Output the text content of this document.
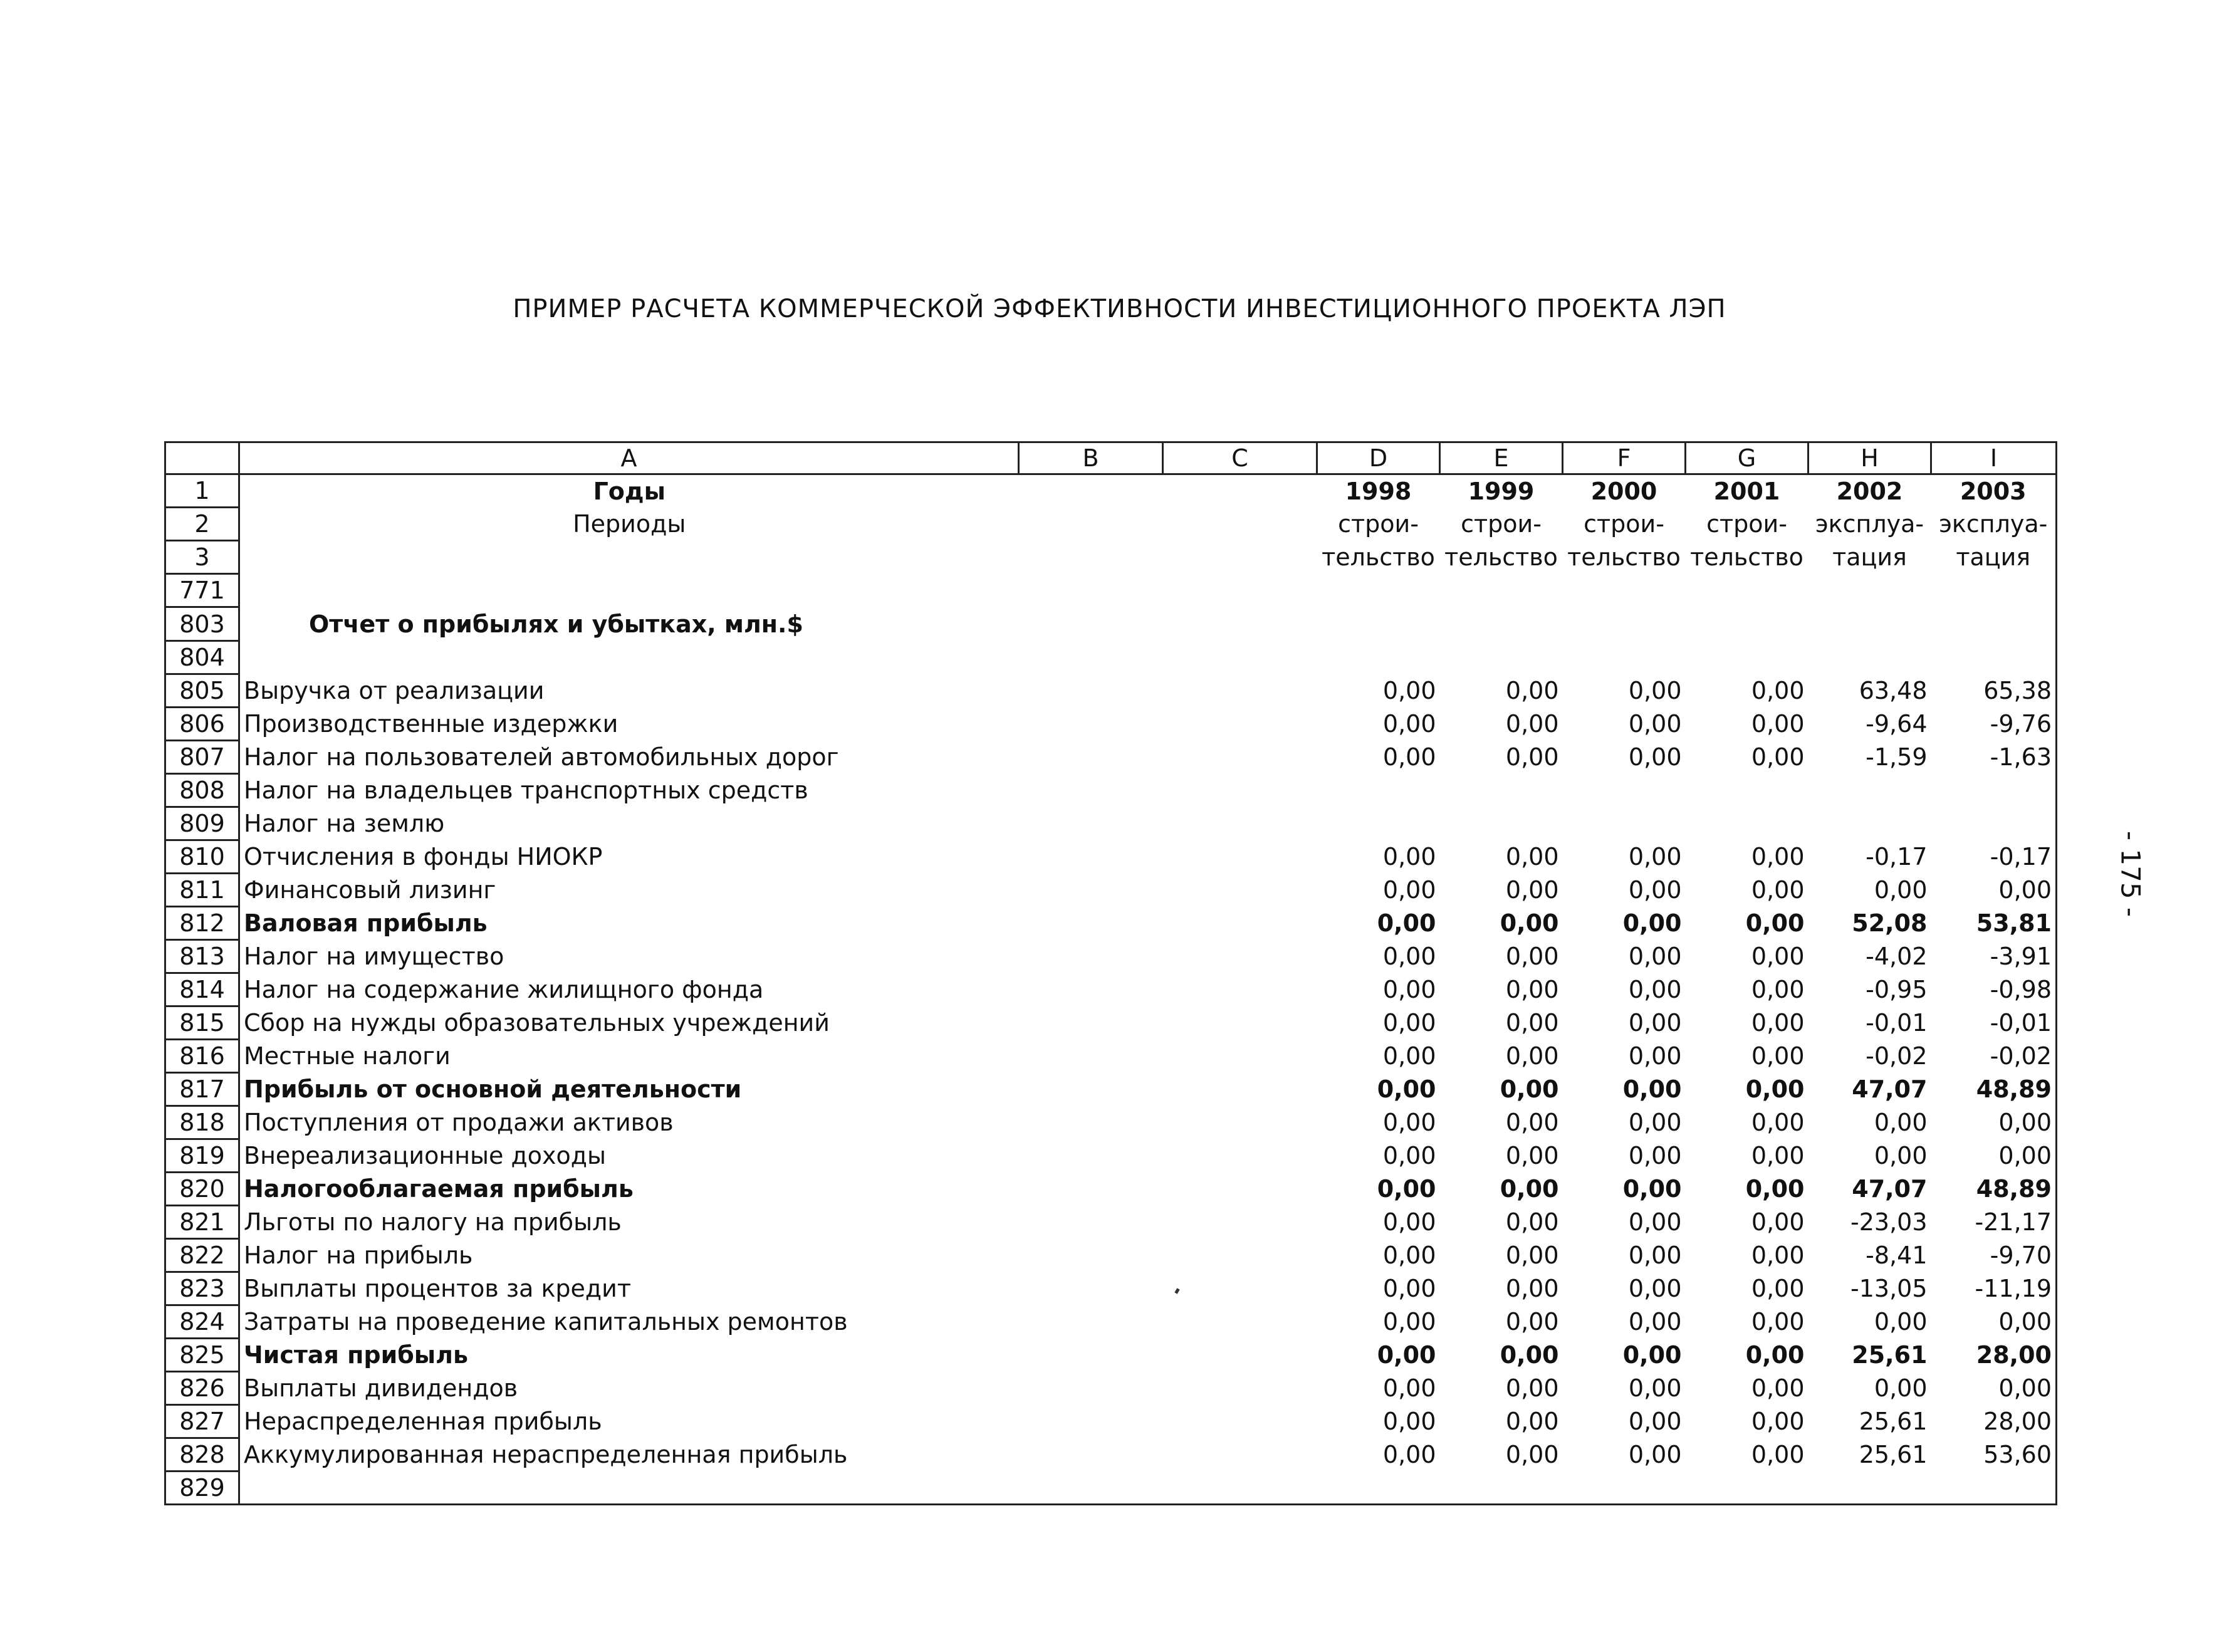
ПРИМЕР РАСЧЕТА КОММЕРЧЕСКОЙ ЭФФЕКТИВНОСТИ ИНВЕСТИЦИОННОГО ПРОЕКТА ЛЭП
- 175 -
	A	B	C	D	E	F	G	H	I
1	Годы			1998	1999	2000	2001	2002	2003
2	Периоды			строи-	строи-	строи-	строи-	эксплуа-	эксплуа-
3				тельство	тельство	тельство	тельство	тация	тация
771									
803	Отчет о прибылях и убытках, млн.$								
804									
805	Выручка от реализации			0,00	0,00	0,00	0,00	63,48	65,38
806	Производственные издержки			0,00	0,00	0,00	0,00	-9,64	-9,76
807	Налог на пользователей автомобильных дорог			0,00	0,00	0,00	0,00	-1,59	-1,63
808	Налог на владельцев транспортных средств								
809	Налог на землю								
810	Отчисления в фонды НИОКР			0,00	0,00	0,00	0,00	-0,17	-0,17
811	Финансовый лизинг			0,00	0,00	0,00	0,00	0,00	0,00
812	Валовая прибыль			0,00	0,00	0,00	0,00	52,08	53,81
813	Налог на имущество			0,00	0,00	0,00	0,00	-4,02	-3,91
814	Налог на содержание жилищного фонда			0,00	0,00	0,00	0,00	-0,95	-0,98
815	Сбор на нужды образовательных учреждений			0,00	0,00	0,00	0,00	-0,01	-0,01
816	Местные налоги			0,00	0,00	0,00	0,00	-0,02	-0,02
817	Прибыль от основной деятельности			0,00	0,00	0,00	0,00	47,07	48,89
818	Поступления от продажи активов			0,00	0,00	0,00	0,00	0,00	0,00
819	Внереализационные доходы			0,00	0,00	0,00	0,00	0,00	0,00
820	Налогооблагаемая прибыль			0,00	0,00	0,00	0,00	47,07	48,89
821	Льготы по налогу на прибыль			0,00	0,00	0,00	0,00	-23,03	-21,17
822	Налог на прибыль			0,00	0,00	0,00	0,00	-8,41	-9,70
823	Выплаты процентов за кредит			0,00	0,00	0,00	0,00	-13,05	-11,19
824	Затраты на проведение капитальных ремонтов			0,00	0,00	0,00	0,00	0,00	0,00
825	Чистая прибыль			0,00	0,00	0,00	0,00	25,61	28,00
826	Выплаты дивидендов			0,00	0,00	0,00	0,00	0,00	0,00
827	Нераспределенная прибыль			0,00	0,00	0,00	0,00	25,61	28,00
828	Аккумулированная нераспределенная прибыль			0,00	0,00	0,00	0,00	25,61	53,60
829									
